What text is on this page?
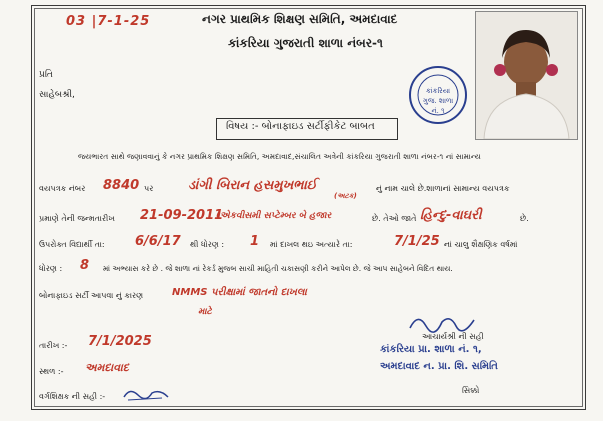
03 |7-1-25	નગર પ્રાથમિક શિક્ષણ સમિતિ, અમદાવાદ
કાંકરિયા ગુજરાતી શાળા નંબર-૧
કાંકરિયા
ગુજ. શાળા
નં. ૧
પ્રતિ
સાહેબશ્રી,
વિષય :- બોનાફાઇડ સર્ટીફીકેટ બાબત
જયભારત સાથે જણાવવાનું કે નગર પ્રાથમિક શિક્ષણ સમિતિ, અમદાવાદ,સંચાલિત અત્રેની કાંકરિયા ગુજરાતી શાળા નંબર-૧ નાં સામાન્ય
વયપત્રક નંબર 8840 પર	ડાંગી બિરાન હસમુખભાઈ
(અટક)
નું નામ ચાલે છે.શાળાનાં સામાન્ય વયપત્રક
પ્રમાણે તેની જન્મતારીખ 21-09-2011
(એકવીસમી સપ્ટેમ્બર બે હજાર	છે. તેઓ જાતે હિન્દુ-વાઘરી	છે.
ઉપરોક્ત વિદ્યાર્થી તા: 6/6/17 થી ધોરણ : 1 માં દાખલ થઇ અત્યારે તા:	7/1/25 નાં ચાલુ શૈક્ષણિક વર્ષમાં
ધોરણ : 8 માં અભ્યાસ કરે છે . જે શાળા નાં રેકર્ડ મુજબ સાચી માહિતી ચકાસણી કરીને આપેલ છે. જે આપ સાહેબને વિદિત થાય.
બોનાફાઇડ સર્ટી આપવા નું કારણ	NMMS પરીક્ષામાં જાતનો દાખલા
માટે
આચાર્યશ્રી ની સહી
કાંકરિયા પ્રા. શાળા નં. ૧,
અમદાવાદ ન. પ્રા. શિ. સમિતિ
સિક્કો
તારીખ :- 7/1/2025
સ્થળ :- અમદાવાદ
વર્ગશિક્ષક ની સહી :-
